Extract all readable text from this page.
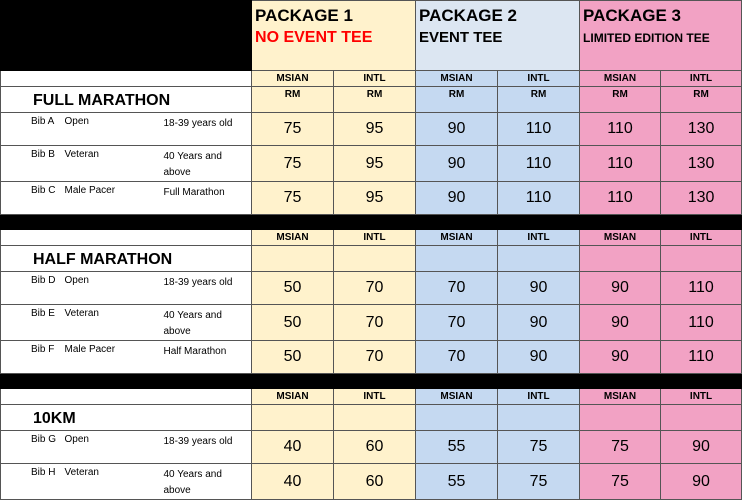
			PACKAGE 1
NO EVENT TEE		PACKAGE 2
EVENT TEE		PACKAGE 3
LIMITED EDITION TEE	

			MSIAN	INTL	MSIAN	INTL	MSIAN	INTL
FULL MARATHON			RM	RM	RM	RM	RM	RM
Bib A	Open	18-39 years old	75	95	90	110	110	130
Bib B	Veteran	40 Years and above	75	95	90	110	110	130
Bib C	Male Pacer	Full Marathon	75	95	90	110	110	130

			MSIAN	INTL	MSIAN	INTL	MSIAN	INTL
HALF MARATHON								
Bib D	Open	18-39 years old	50	70	70	90	90	110
Bib E	Veteran	40 Years and above	50	70	70	90	90	110
Bib F	Male Pacer	Half Marathon	50	70	70	90	90	110

			MSIAN	INTL	MSIAN	INTL	MSIAN	INTL
10KM								
Bib G	Open	18-39 years old	40	60	55	75	75	90
Bib H	Veteran	40 Years and above	40	60	55	75	75	90
